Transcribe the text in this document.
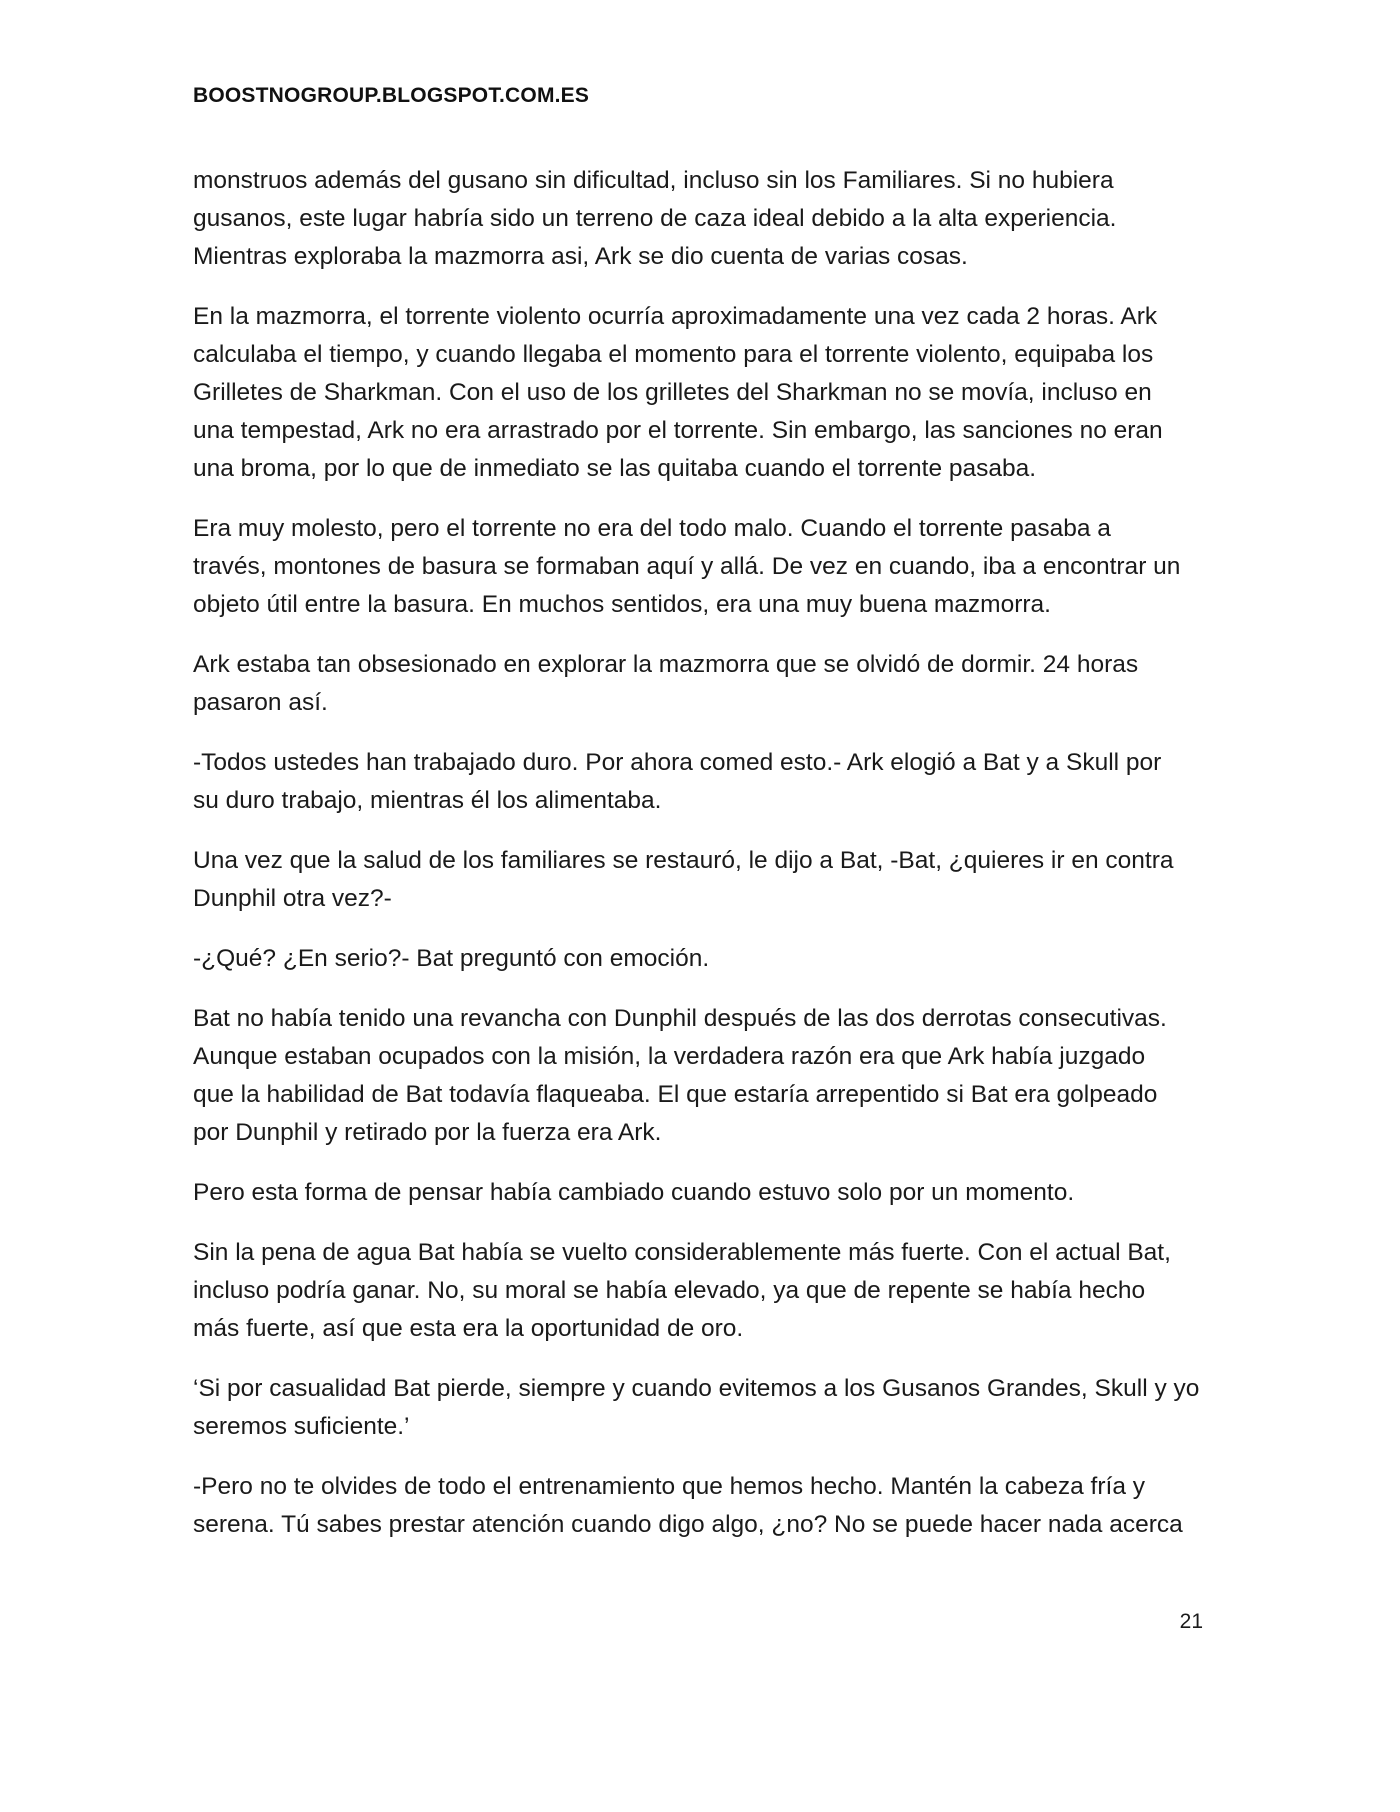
BOOSTNOGROUP.BLOGSPOT.COM.ES

monstruos además del gusano sin dificultad, incluso sin los Familiares. Si no hubiera
gusanos, este lugar habría sido un terreno de caza ideal debido a la alta experiencia.
Mientras exploraba la mazmorra asi, Ark se dio cuenta de varias cosas.

En la mazmorra, el torrente violento ocurría aproximadamente una vez cada 2 horas. Ark
calculaba el tiempo, y cuando llegaba el momento para el torrente violento, equipaba los
Grilletes de Sharkman. Con el uso de los grilletes del Sharkman no se movía, incluso en
una tempestad, Ark no era arrastrado por el torrente. Sin embargo, las sanciones no eran
una broma, por lo que de inmediato se las quitaba cuando el torrente pasaba.

Era muy molesto, pero el torrente no era del todo malo. Cuando el torrente pasaba a
través, montones de basura se formaban aquí y allá. De vez en cuando, iba a encontrar un
objeto útil entre la basura. En muchos sentidos, era una muy buena mazmorra.

Ark estaba tan obsesionado en explorar la mazmorra que se olvidó de dormir. 24 horas
pasaron así.

-Todos ustedes han trabajado duro. Por ahora comed esto.- Ark elogió a Bat y a Skull por
su duro trabajo, mientras él los alimentaba.

Una vez que la salud de los familiares se restauró, le dijo a Bat, -Bat, ¿quieres ir en contra
Dunphil otra vez?-

-¿Qué? ¿En serio?- Bat preguntó con emoción.

Bat no había tenido una revancha con Dunphil después de las dos derrotas consecutivas.
Aunque estaban ocupados con la misión, la verdadera razón era que Ark había juzgado
que la habilidad de Bat todavía flaqueaba. El que estaría arrepentido si Bat era golpeado
por Dunphil y retirado por la fuerza era Ark.

Pero esta forma de pensar había cambiado cuando estuvo solo por un momento.

Sin la pena de agua Bat había se vuelto considerablemente más fuerte. Con el actual Bat,
incluso podría ganar. No, su moral se había elevado, ya que de repente se había hecho
más fuerte, así que esta era la oportunidad de oro.

‘Si por casualidad Bat pierde, siempre y cuando evitemos a los Gusanos Grandes, Skull y yo
seremos suficiente.’

-Pero no te olvides de todo el entrenamiento que hemos hecho. Mantén la cabeza fría y
serena. Tú sabes prestar atención cuando digo algo, ¿no? No se puede hacer nada acerca

21
